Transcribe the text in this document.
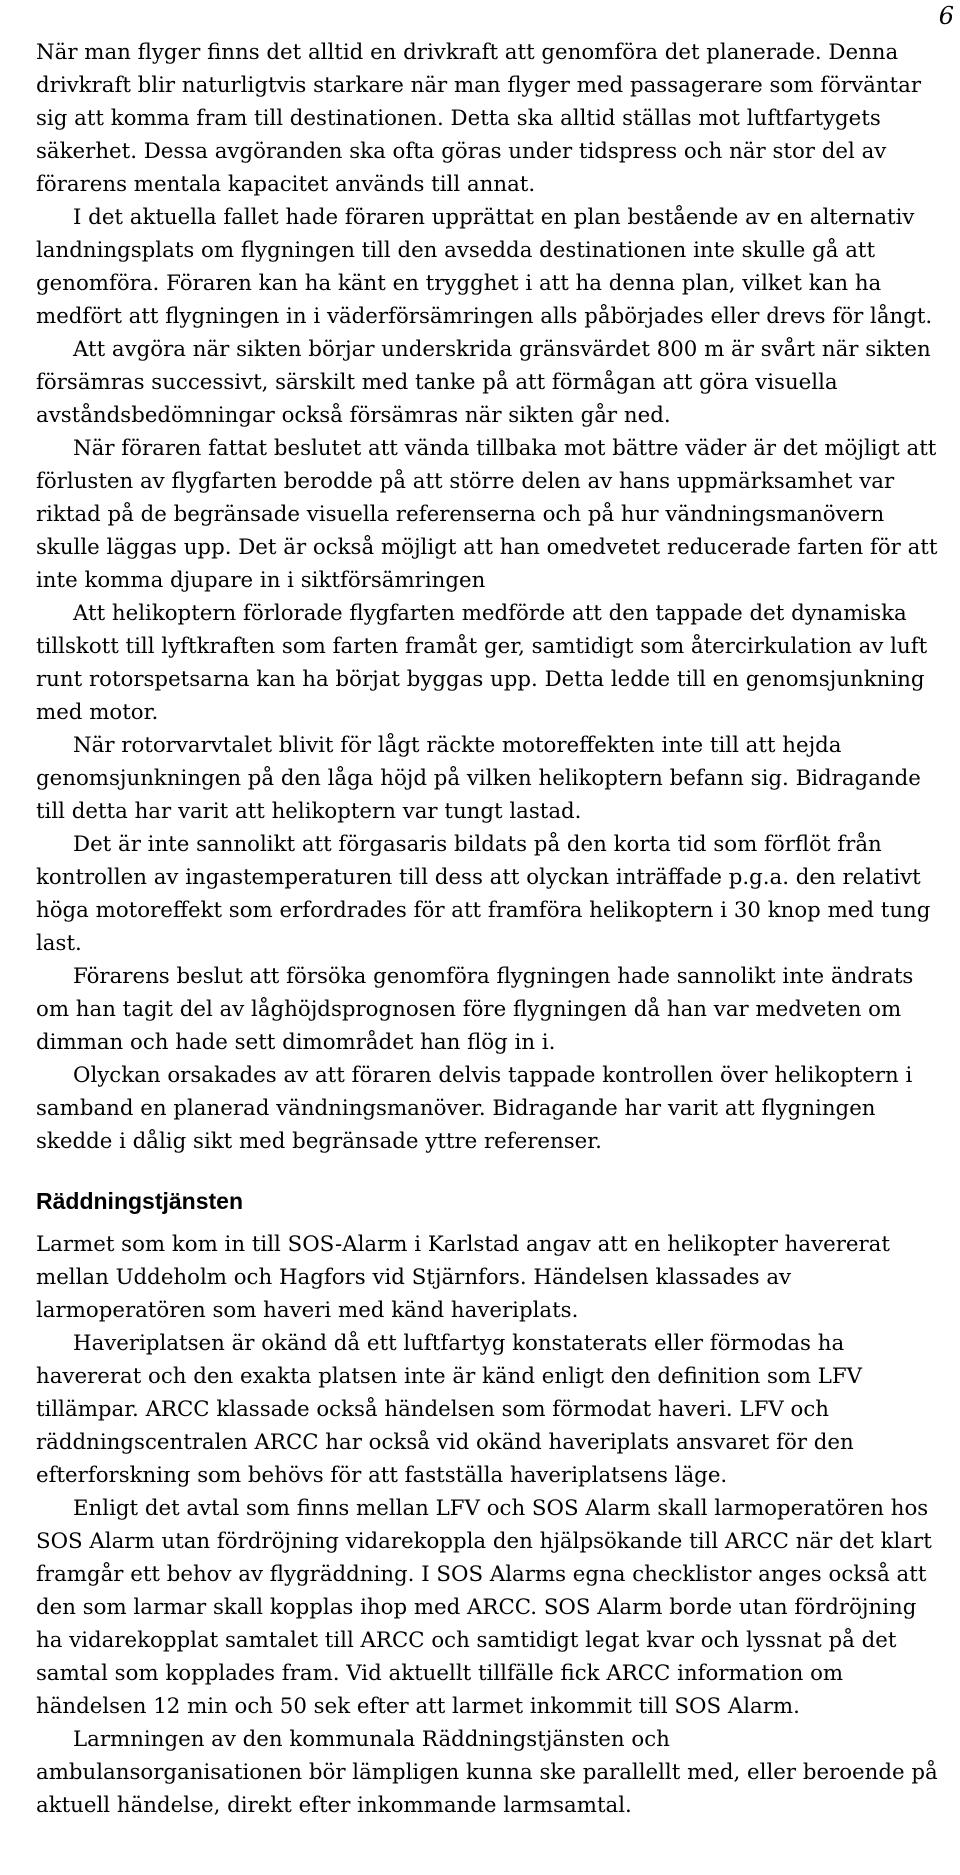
6

När man flyger finns det alltid en drivkraft att genomföra det planerade. Denna drivkraft blir naturligtvis starkare när man flyger med passagerare som förväntar sig att komma fram till destinationen. Detta ska alltid ställas mot luftfartygets säkerhet. Dessa avgöranden ska ofta göras under tidspress och när stor del av förarens mentala kapacitet används till annat.

I det aktuella fallet hade föraren upprättat en plan bestående av en alternativ landningsplats om flygningen till den avsedda destinationen inte skulle gå att genomföra. Föraren kan ha känt en trygghet i att ha denna plan, vilket kan ha medfört att flygningen in i väderförsämringen alls påbörjades eller drevs för långt.

Att avgöra när sikten börjar underskrida gränsvärdet 800 m är svårt när sikten försämras successivt, särskilt med tanke på att förmågan att göra visuella avståndsbedömningar också försämras när sikten går ned.

När föraren fattat beslutet att vända tillbaka mot bättre väder är det möjligt att förlusten av flygfarten berodde på att större delen av hans uppmärksamhet var riktad på de begränsade visuella referenserna och på hur vändningsmanövern skulle läggas upp. Det är också möjligt att han omedvetet reducerade farten för att inte komma djupare in i siktförsämringen

Att helikoptern förlorade flygfarten medförde att den tappade det dynamiska tillskott till lyftkraften som farten framåt ger, samtidigt som återcirkulation av luft runt rotorspetsarna kan ha börjat byggas upp. Detta ledde till en genomsjunkning med motor.

När rotorvarvtalet blivit för lågt räckte motoreffekten inte till att hejda genomsjunkningen på den låga höjd på vilken helikoptern befann sig. Bidragande till detta har varit att helikoptern var tungt lastad.

Det är inte sannolikt att förgasaris bildats på den korta tid som förflöt från kontrollen av ingastemperaturen till dess att olyckan inträffade p.g.a. den relativt höga motoreffekt som erfordrades för att framföra helikoptern i 30 knop med tung last.

Förarens beslut att försöka genomföra flygningen hade sannolikt inte ändrats om han tagit del av låghöjdsprognosen före flygningen då han var medveten om dimman och hade sett dimområdet han flög in i.

Olyckan orsakades av att föraren delvis tappade kontrollen över helikoptern i samband en planerad vändningsmanöver. Bidragande har varit att flygningen skedde i dålig sikt med begränsade yttre referenser.

Räddningstjänsten

Larmet som kom in till SOS-Alarm i Karlstad angav att en helikopter havererat mellan Uddeholm och Hagfors vid Stjärnfors. Händelsen klassades av larmoperatören som haveri med känd haveriplats.

Haveriplatsen är okänd då ett luftfartyg konstaterats eller förmodas ha havererat och den exakta platsen inte är känd enligt den definition som LFV tillämpar. ARCC klassade också händelsen som förmodat haveri. LFV och räddningscentralen ARCC har också vid okänd haveriplats ansvaret för den efterforskning som behövs för att fastställa haveriplatsens läge.

Enligt det avtal som finns mellan LFV och SOS Alarm skall larmoperatören hos SOS Alarm utan fördröjning vidarekoppla den hjälpsökande till ARCC när det klart framgår ett behov av flygräddning. I SOS Alarms egna checklistor anges också att den som larmar skall kopplas ihop med ARCC. SOS Alarm borde utan fördröjning ha vidarekopplat samtalet till ARCC och samtidigt legat kvar och lyssnat på det samtal som kopplades fram. Vid aktuellt tillfälle fick ARCC information om händelsen 12 min och 50 sek efter att larmet inkommit till SOS Alarm.

Larmningen av den kommunala Räddningstjänsten och ambulansorganisationen bör lämpligen kunna ske parallellt med, eller beroende på aktuell händelse, direkt efter inkommande larmsamtal.
